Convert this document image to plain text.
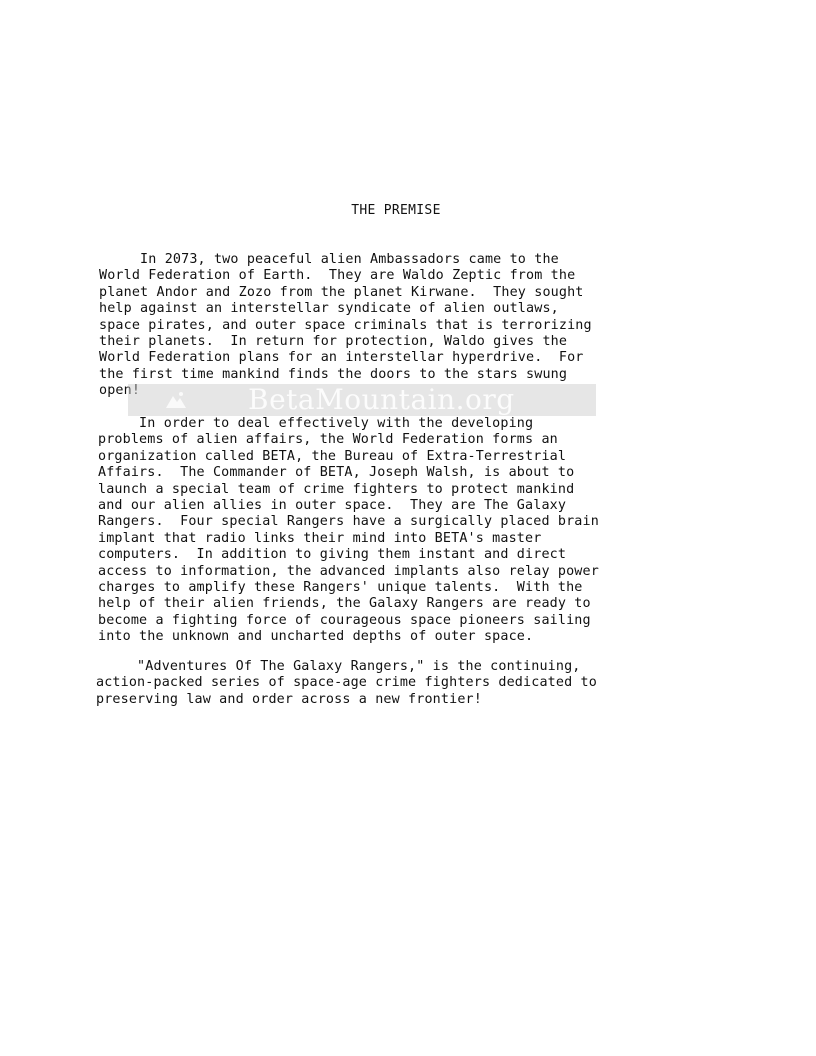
THE PREMISE
In 2073, two peaceful alien Ambassadors came to the
World Federation of Earth.  They are Waldo Zeptic from the
planet Andor and Zozo from the planet Kirwane.  They sought
help against an interstellar syndicate of alien outlaws,
space pirates, and outer space criminals that is terrorizing
their planets.  In return for protection, Waldo gives the
World Federation plans for an interstellar hyperdrive.  For
the first time mankind finds the doors to the stars swung
open!
In order to deal effectively with the developing
problems of alien affairs, the World Federation forms an
organization called BETA, the Bureau of Extra-Terrestrial
Affairs.  The Commander of BETA, Joseph Walsh, is about to
launch a special team of crime fighters to protect mankind
and our alien allies in outer space.  They are The Galaxy
Rangers.  Four special Rangers have a surgically placed brain
implant that radio links their mind into BETA's master
computers.  In addition to giving them instant and direct
access to information, the advanced implants also relay power
charges to amplify these Rangers' unique talents.  With the
help of their alien friends, the Galaxy Rangers are ready to
become a fighting force of courageous space pioneers sailing
into the unknown and uncharted depths of outer space.
"Adventures Of The Galaxy Rangers," is the continuing,
action-packed series of space-age crime fighters dedicated to
preserving law and order across a new frontier!
BetaMountain.org
